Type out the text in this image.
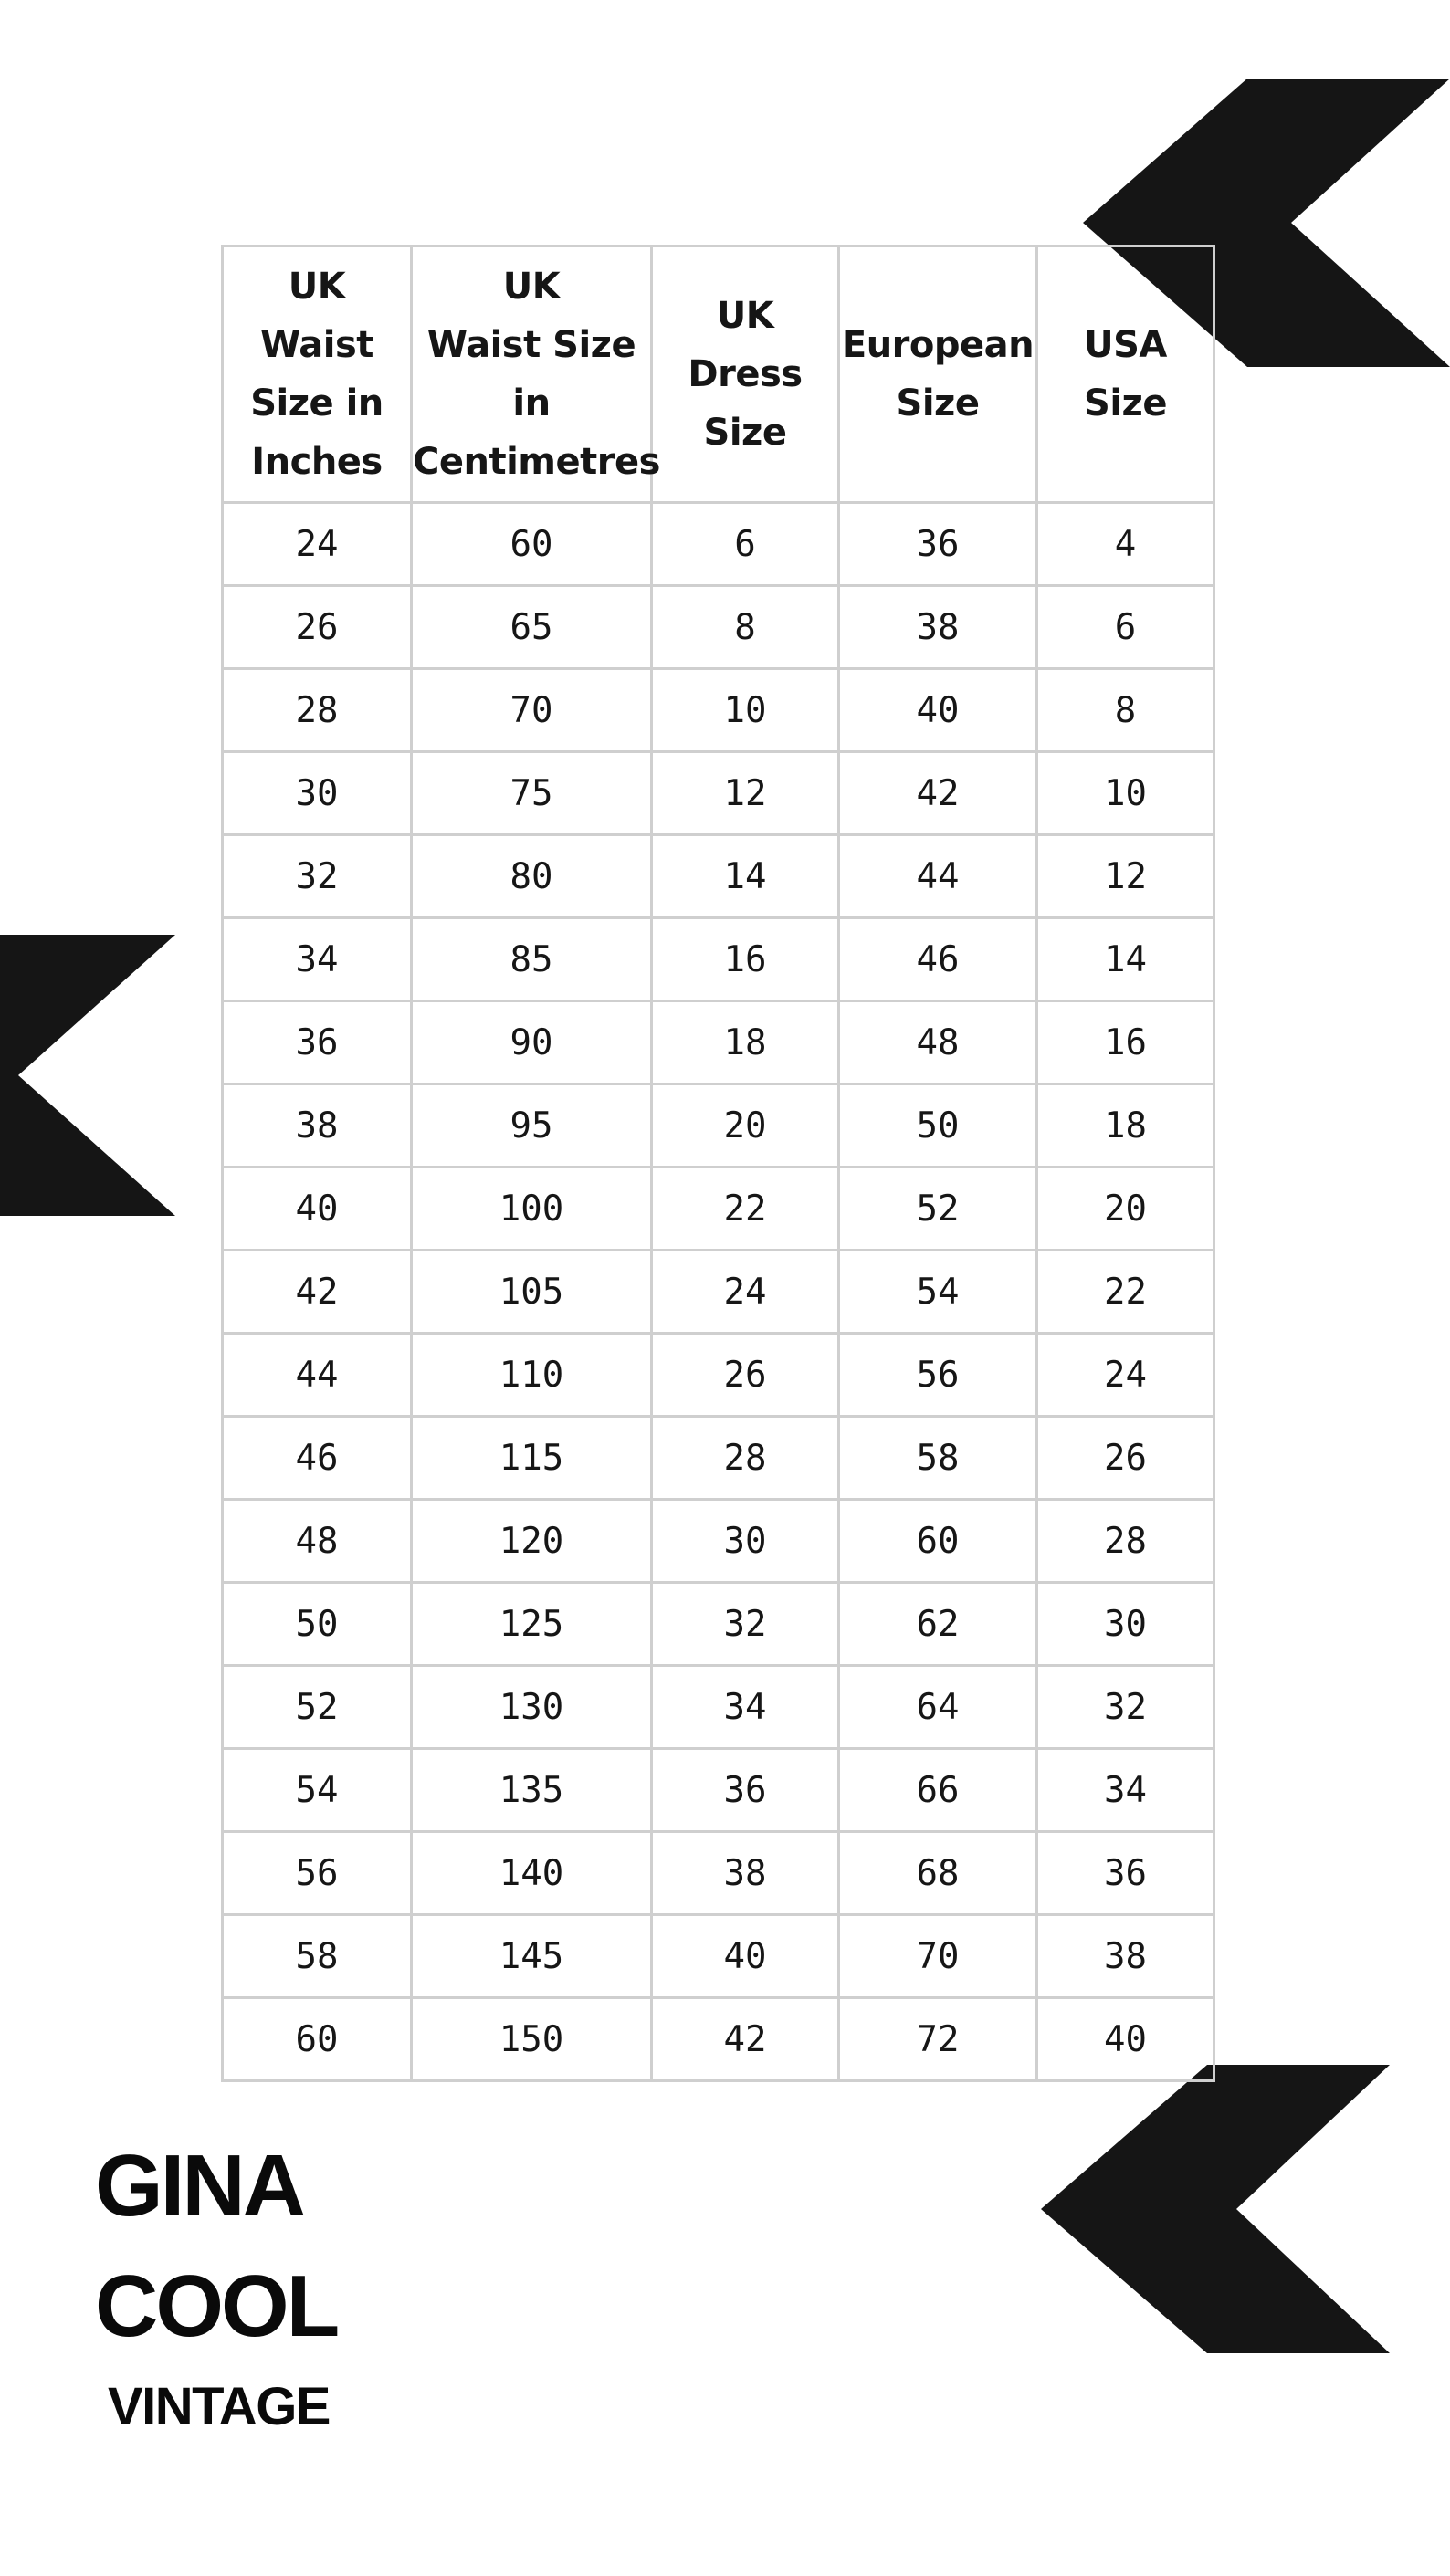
UK
Waist
Size in
Inches	UK
Waist Size
in
Centimetres	UK
Dress
Size	European
Size	USA
Size
24	60	6	36	4
26	65	8	38	6
28	70	10	40	8
30	75	12	42	10
32	80	14	44	12
34	85	16	46	14
36	90	18	48	16
38	95	20	50	18
40	100	22	52	20
42	105	24	54	22
44	110	26	56	24
46	115	28	58	26
48	120	30	60	28
50	125	32	62	30
52	130	34	64	32
54	135	36	66	34
56	140	38	68	36
58	145	40	70	38
60	150	42	72	40
GINA
COOL
VINTAGE
